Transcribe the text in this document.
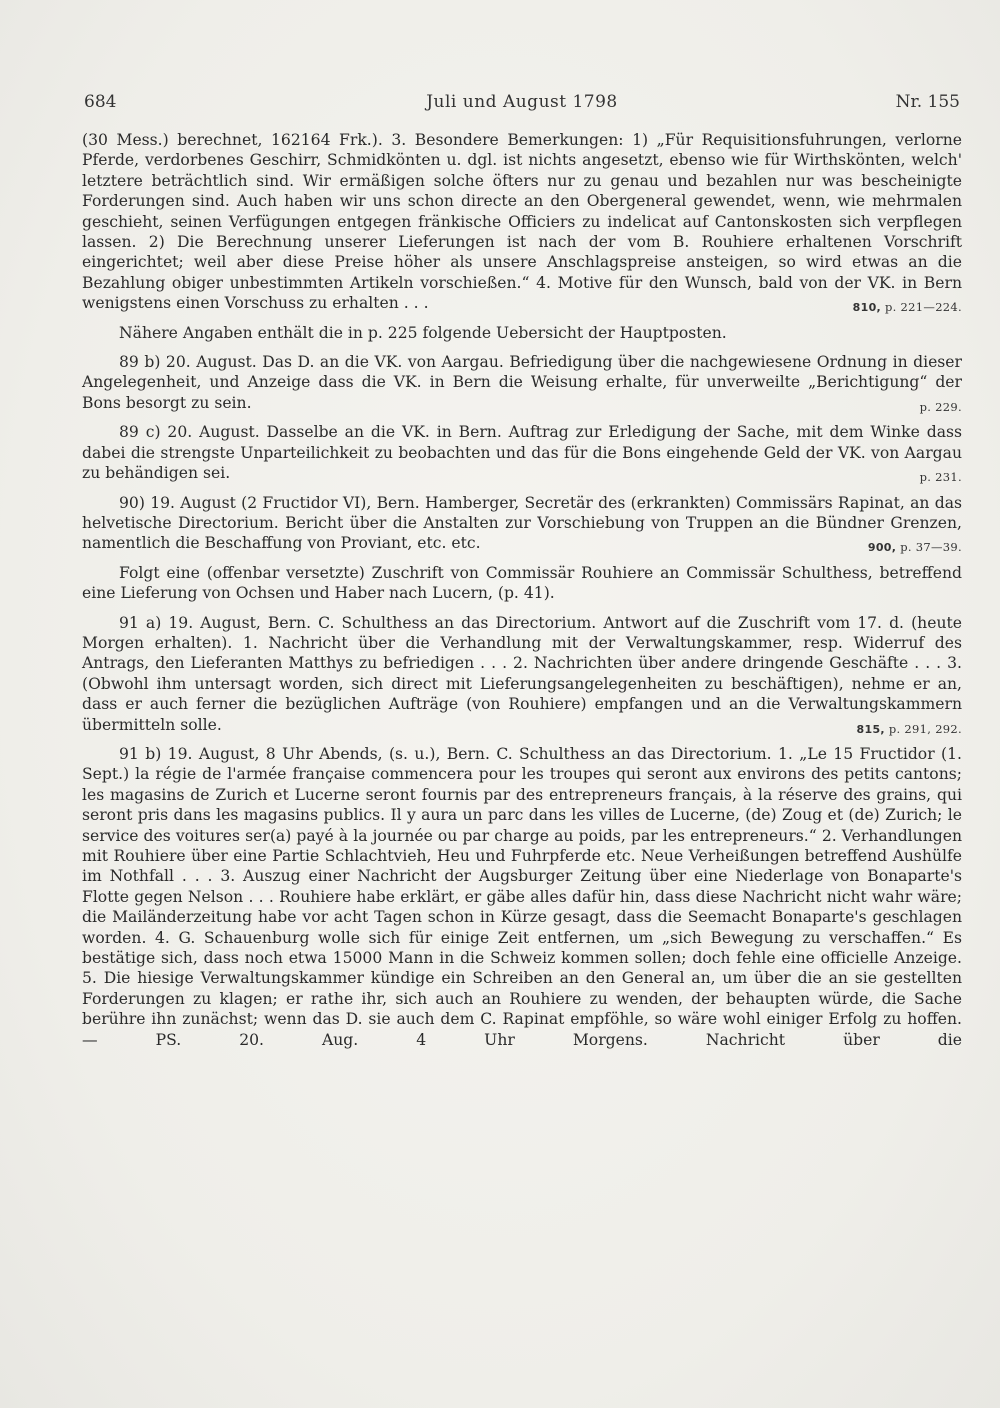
684	Juli und August 1798	Nr. 155

(30 Mess.) berechnet, 162164 Frk.). 3. Besondere Bemerkungen: 1) „Für Requisitionsfuhrungen, verlorne Pferde, verdorbenes Geschirr, Schmidkönten u. dgl. ist nichts angesetzt, ebenso wie für Wirthskönten, welch' letztere beträchtlich sind. Wir ermäßigen solche öfters nur zu genau und bezahlen nur was bescheinigte Forderungen sind. Auch haben wir uns schon directe an den Obergeneral gewendet, wenn, wie mehrmalen geschieht, seinen Verfügungen entgegen fränkische Officiers zu indelicat auf Cantonskosten sich verpflegen lassen. 2) Die Berechnung unserer Lieferungen ist nach der vom B. Rouhiere erhaltenen Vorschrift eingerichtet; weil aber diese Preise höher als unsere Anschlagspreise ansteigen, so wird etwas an die Bezahlung obiger unbestimmten Artikeln vorschießen.“ 4. Motive für den Wunsch, bald von der VK. in Bern wenigstens einen Vorschuss zu erhalten . . .	810, p. 221—224.

Nähere Angaben enthält die in p. 225 folgende Uebersicht der Hauptposten.

89 b) 20. August. Das D. an die VK. von Aargau. Befriedigung über die nachgewiesene Ordnung in dieser Angelegenheit, und Anzeige dass die VK. in Bern die Weisung erhalte, für unverweilte „Berichtigung“ der Bons besorgt zu sein.	p. 229.

89 c) 20. August. Dasselbe an die VK. in Bern. Auftrag zur Erledigung der Sache, mit dem Winke dass dabei die strengste Unparteilichkeit zu beobachten und das für die Bons eingehende Geld der VK. von Aargau zu behändigen sei.	p. 231.

90) 19. August (2 Fructidor VI), Bern. Hamberger, Secretär des (erkrankten) Commissärs Rapinat, an das helvetische Directorium. Bericht über die Anstalten zur Vorschiebung von Truppen an die Bündner Grenzen, namentlich die Beschaffung von Proviant, etc. etc.	900, p. 37—39.

Folgt eine (offenbar versetzte) Zuschrift von Commissär Rouhiere an Commissär Schulthess, betreffend eine Lieferung von Ochsen und Haber nach Lucern, (p. 41).

91 a) 19. August, Bern. C. Schulthess an das Directorium. Antwort auf die Zuschrift vom 17. d. (heute Morgen erhalten). 1. Nachricht über die Verhandlung mit der Verwaltungskammer, resp. Widerruf des Antrags, den Lieferanten Matthys zu befriedigen . . . 2. Nachrichten über andere dringende Geschäfte . . . 3. (Obwohl ihm untersagt worden, sich direct mit Lieferungsangelegenheiten zu beschäftigen), nehme er an, dass er auch ferner die bezüglichen Aufträge (von Rouhiere) empfangen und an die Verwaltungskammern übermitteln solle.	815, p. 291, 292.

91 b) 19. August, 8 Uhr Abends, (s. u.), Bern. C. Schulthess an das Directorium. 1. „Le 15 Fructidor (1. Sept.) la régie de l'armée française commencera pour les troupes qui seront aux environs des petits cantons; les magasins de Zurich et Lucerne seront fournis par des entrepreneurs français, à la réserve des grains, qui seront pris dans les magasins publics. Il y aura un parc dans les villes de Lucerne, (de) Zoug et (de) Zurich; le service des voitures ser(a) payé à la journée ou par charge au poids, par les entrepreneurs.“ 2. Verhandlungen mit Rouhiere über eine Partie Schlachtvieh, Heu und Fuhrpferde etc. Neue Verheißungen betreffend Aushülfe im Nothfall . . . 3. Auszug einer Nachricht der Augsburger Zeitung über eine Niederlage von Bonaparte's Flotte gegen Nelson . . . Rouhiere habe erklärt, er gäbe alles dafür hin, dass diese Nachricht nicht wahr wäre; die Mailänderzeitung habe vor acht Tagen schon in Kürze gesagt, dass die Seemacht Bonaparte's geschlagen worden. 4. G. Schauenburg wolle sich für einige Zeit entfernen, um „sich Bewegung zu verschaffen.“ Es bestätige sich, dass noch etwa 15000 Mann in die Schweiz kommen sollen; doch fehle eine officielle Anzeige. 5. Die hiesige Verwaltungskammer kündige ein Schreiben an den General an, um über die an sie gestellten Forderungen zu klagen; er rathe ihr, sich auch an Rouhiere zu wenden, der behaupten würde, die Sache berühre ihn zunächst; wenn das D. sie auch dem C. Rapinat empföhle, so wäre wohl einiger Erfolg zu hoffen. — PS. 20. Aug. 4 Uhr Morgens. Nachricht über die
